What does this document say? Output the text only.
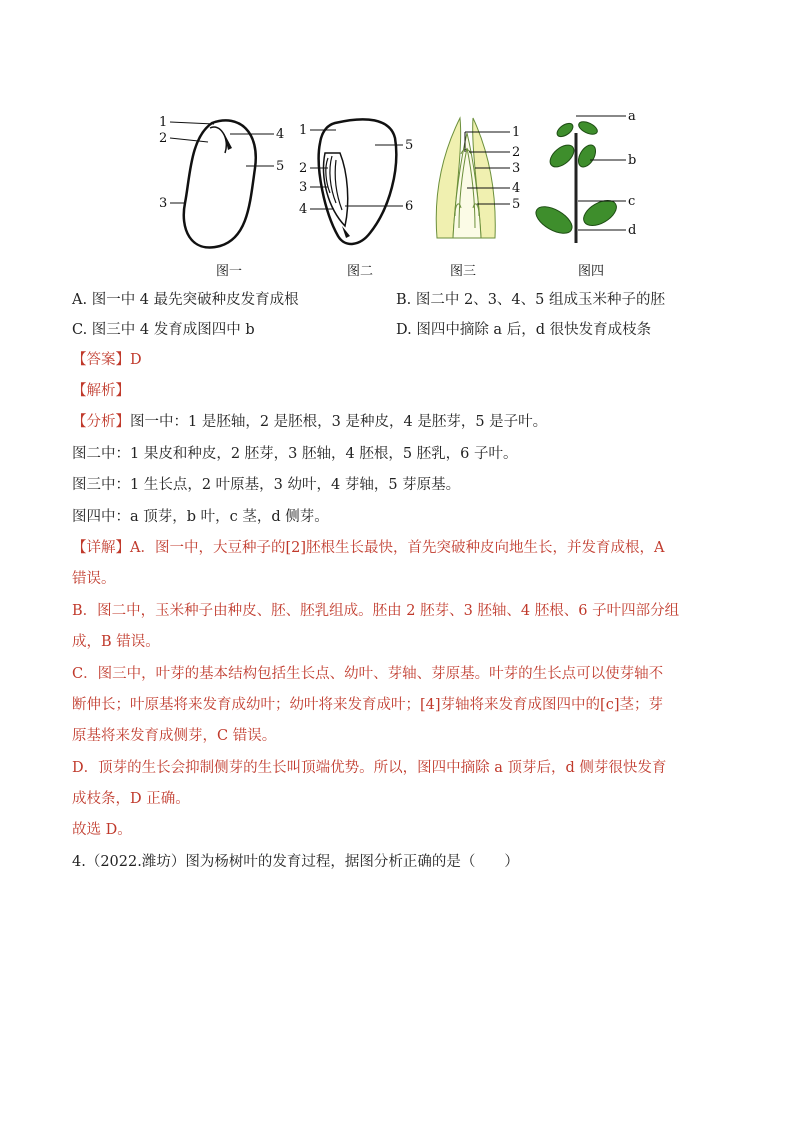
1
2
3
4
5
1
2
3
4
5
6
1
2
3
4
5
a
b
c
d
图一	图二	图三	图四
A. 图一中 4 最先突破种皮发育成根	B. 图二中 2、3、4、5 组成玉米种子的胚
C. 图三中 4 发育成图四中 b	D. 图四中摘除 a 后，d 很快发育成枝条
【答案】D
【解析】
【分析】图一中：1 是胚轴，2 是胚根，3 是种皮，4 是胚芽，5 是子叶。
图二中：1 果皮和种皮，2 胚芽，3 胚轴，4 胚根，5 胚乳，6 子叶。
图三中：1 生长点，2 叶原基，3 幼叶，4 芽轴，5 芽原基。
图四中：a 顶芽，b 叶，c 茎，d 侧芽。
【详解】A．图一中，大豆种子的[2]胚根生长最快，首先突破种皮向地生长，并发育成根，A
错误。
B．图二中，玉米种子由种皮、胚、胚乳组成。胚由 2 胚芽、3 胚轴、4 胚根、6 子叶四部分组
成，B 错误。
C．图三中，叶芽的基本结构包括生长点、幼叶、芽轴、芽原基。叶芽的生长点可以使芽轴不
断伸长；叶原基将来发育成幼叶；幼叶将来发育成叶；[4]芽轴将来发育成图四中的[c]茎；芽
原基将来发育成侧芽，C 错误。
D．顶芽的生长会抑制侧芽的生长叫顶端优势。所以，图四中摘除 a 顶芽后，d 侧芽很快发育
成枝条，D 正确。
故选 D。
4.（2022.潍坊）图为杨树叶的发育过程，据图分析正确的是（　　）
